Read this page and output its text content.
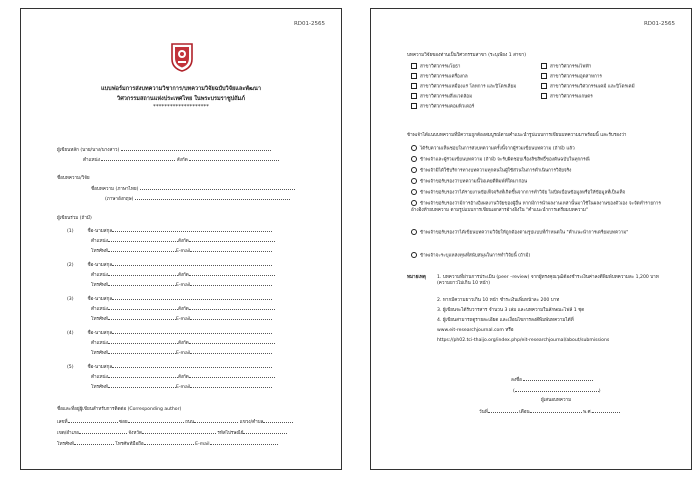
RD01-2565
แบบฟอร์มการส่งบทความวิชาการ/บทความวิจัยฉบับวิจัยและพัฒนา
วิศวกรรมสถานแห่งประเทศไทย ในพระบรมราชูปถัมภ์
********************
ผู้เขียนหลัก (นาย/นาง/นางสาว)
ตำแหน่ง	สังกัด
ชื่อบทความ/วิจัย
ชื่อบทความ (ภาษาไทย)
(ภาษาอังกฤษ)
ผู้เขียนร่วม (ถ้ามี)
(1)	ชื่อ-นามสกุล
ตำแหน่ง	สังกัด
โทรศัพท์	E-mail
(2)	ชื่อ-นามสกุล
ตำแหน่ง	สังกัด
โทรศัพท์	E-mail
(3)	ชื่อ-นามสกุล
ตำแหน่ง	สังกัด
โทรศัพท์	E-mail
(4)	ชื่อ-นามสกุล
ตำแหน่ง	สังกัด
โทรศัพท์	E-mail
(5)	ชื่อ-นามสกุล
ตำแหน่ง	สังกัด
โทรศัพท์	E-mail
ชื่อและที่อยู่ผู้เขียนสำหรับการติดต่อ (Corresponding author)
เลขที่	ซอย	ถนน	แขวง/ตำบล
เขต/อำเภอ	จังหวัด	รหัสไปรษณีย์
โทรศัพท์	โทรศัพท์มือถือ	E-mail
RD01-2565
บทความวิจัยของท่านเป็นวิศวกรรมสาขา (ระบุเพียง 1 สาขา)
สาขาวิศวกรรมโยธา
สาขาวิศวกรรมเครื่องกล
สาขาวิศวกรรมเหมืองแร่ โลหการ และปิโตรเลียม
สาขาวิศวกรรมสิ่งแวดล้อม
สาขาวิศวกรรมคอมพิวเตอร์
สาขาวิศวกรรมไฟฟ้า
สาขาวิศวกรรมอุตสาหการ
สาขาวิศวกรรมวิศวกรรมเคมี และปิโตรเคมี
สาขาวิศวกรรมเกษตร
ข้าพเจ้าได้แนบบทความที่มีความถูกต้องสมบูรณ์ตามคำแนะนำรูปแบบการเขียนบทความมาพร้อมนี้ และรับรองว่า
ได้รับความเห็นชอบในการส่งบทความครั้งนี้จากผู้ร่วมเขียนบทความ (ถ้ามี) แล้ว
ข้าพเจ้าและผู้ร่วมเขียนบทความ (ถ้ามี) จะรับผิดชอบเรื่องลิขสิทธิ์ของต้นฉบับในทุกกรณี
ข้าพเจ้ามิได้ใช้บริการทางบทความทุกคนในผู้ใช้ส่วนในการดำเนินการวิจัยจริง
ข้าพเจ้าขอรับรองว่าบทความนี้ไม่เคยตีพิมพ์ที่ใดมาก่อน
ข้าพเจ้าขอรับรองว่าได้รายงานข้อเท็จจริงที่เกิดขึ้นจากการทำวิจัย ไม่บิดเบือนข้อมูลหรือให้ข้อมูลที่เป็นเท็จ
ข้าพเจ้าขอรับรองว่ามีการอ้างอิงผลงานวิจัยของผู้อื่น หากมีการนำผลงานเหล่านั้นมาใช้ในผลงานของตัวเอง จะจัดทำรายการอ้างอิงท้ายบทความ ตามรูปแบบการเขียนเอกสารอ้างอิงใน "คำแนะนำการเตรียมบทความ"
ข้าพเจ้าขอรับรองว่าได้เขียนบทความวิจัยให้ถูกต้องตามรูปแบบที่กำหนดใน "คำแนะนำการเตรียมบทความ"
ข้าพเจ้าจะระบุแหล่งทุนที่สนับสนุนในการทำวิจัยนี้ (ถ้ามี)
หมายเหตุ 1. บทความที่ผ่านการประเมิน (peer –review) จากผู้ทรงคุณวุฒิต้องชำระเงินค่าลงตีพิมพ์บทความละ 1,200 บาท (ความยาวไม่เกิน 10 หน้า)
2. หากมีความยาวเกิน 10 หน้า ชำระเงินเพิ่มหน้าละ 200 บาท
3. ผู้เขียนจะได้รับวารสาร จำนวน 3 เล่ม และบทความในลักษณะไฟล์ 1 ชุด
4. ผู้เขียนสามารถดูรายละเอียด และเงื่อนไขการลงตีพิมพ์บทความได้ที่
www.eit-researchjournal.com หรือ
https://ph02.tci-thaijo.org/index.php/eit-researchjournal/about/submissions
ลงชื่อ
(	)
ผู้เสนอบทความ
วันที่	เดือน	พ.ศ.
